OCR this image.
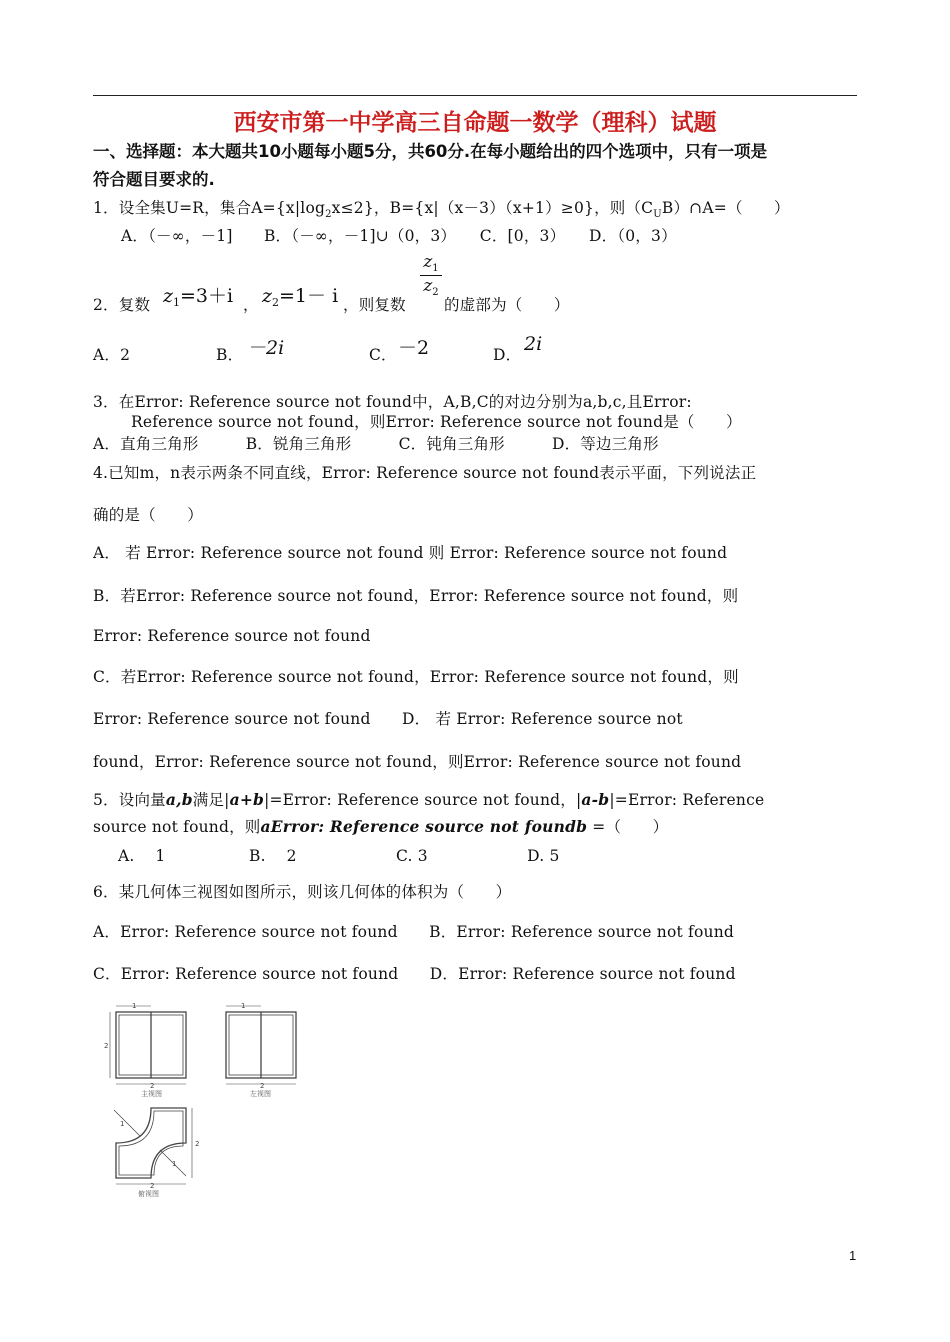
西安市第一中学高三自命题一数学（理科）试题
一、选择题：本大题共10小题每小题5分，共60分.在每小题给出的四个选项中，只有一项是
符合题目要求的.
1．设全集U=R，集合$A=\{x|\log_2x\le 2\}$，B={x|（x－3）（x+1）≥0}，则$(C_UB)\cap A=$（　　）
A．（－∞，－1]　　B．（－∞，－1]∪（0，3）　　C．[0，3）　　D．（0，3）
2．复数 $z_1=3+i$ ， $z_2=1- i$ ，则复数
$\frac{z_1}{z_2}$
的虚部为（　　）
A．2	B． －2i	C． －2	D． 2i
3．在Error: Reference source not found中，A,B,C的对边分别为a,b,c,且Error:
Reference source not found，则Error: Reference source not found是（　　）
A．直角三角形　　　B．锐角三角形　　　C．钝角三角形　　　D．等边三角形
4.已知m，n表示两条不同直线，Error: Reference source not found表示平面，下列说法正
确的是（　　）
A． 若 Error: Reference source not found 则 Error: Reference source not found
B．若Error: Reference source not found，Error: Reference source not found，则
Error: Reference source not found
C．若Error: Reference source not found，Error: Reference source not found，则
Error: Reference source not found　　D． 若 Error: Reference source not
found，Error: Reference source not found，则Error: Reference source not found
5．设向量a,b满足|a+b|=Error: Reference source not found，|a-b|=Error: Reference
source not found，则aError: Reference source not foundb =（　　）
A.　 1　　　　　 B.　 2　　　　　　 C. 3　　　　　　 D. 5
6．某几何体三视图如图所示，则该几何体的体积为（　　）
A．Error: Reference source not found　　B．Error: Reference source not found
C．Error: Reference source not found　　D．Error: Reference source not found
1
2
2
主视图
1
2
左视图
1
1
2
2
俯视图
1
